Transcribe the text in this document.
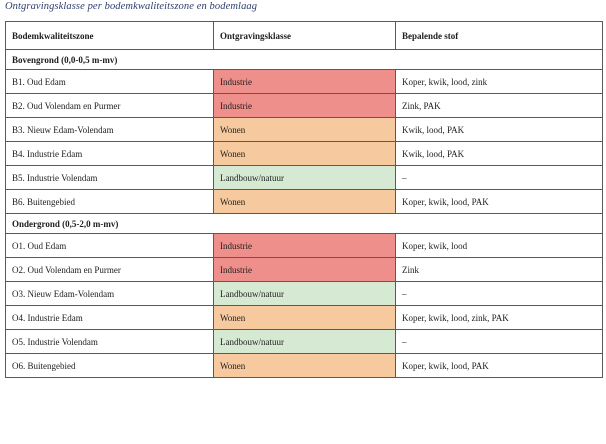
Ontgravingsklasse per bodemkwaliteitszone en bodemlaag
Bodemkwaliteitszone	Ontgravingsklasse	Bepalende stof
Bovengrond (0,0-0,5 m-mv)		
B1. Oud Edam	Industrie	Koper, kwik, lood, zink
B2. Oud Volendam en Purmer	Industrie	Zink, PAK
B3. Nieuw Edam-Volendam	Wonen	Kwik, lood, PAK
B4. Industrie Edam	Wonen	Kwik, lood, PAK
B5. Industrie Volendam	Landbouw/natuur	–
B6. Buitengebied	Wonen	Koper, kwik, lood, PAK
Ondergrond (0,5-2,0 m-mv)		
O1. Oud Edam	Industrie	Koper, kwik, lood
O2. Oud Volendam en Purmer	Industrie	Zink
O3. Nieuw Edam-Volendam	Landbouw/natuur	–
O4. Industrie Edam	Wonen	Koper, kwik, lood, zink, PAK
O5. Industrie Volendam	Landbouw/natuur	–
O6. Buitengebied	Wonen	Koper, kwik, lood, PAK
